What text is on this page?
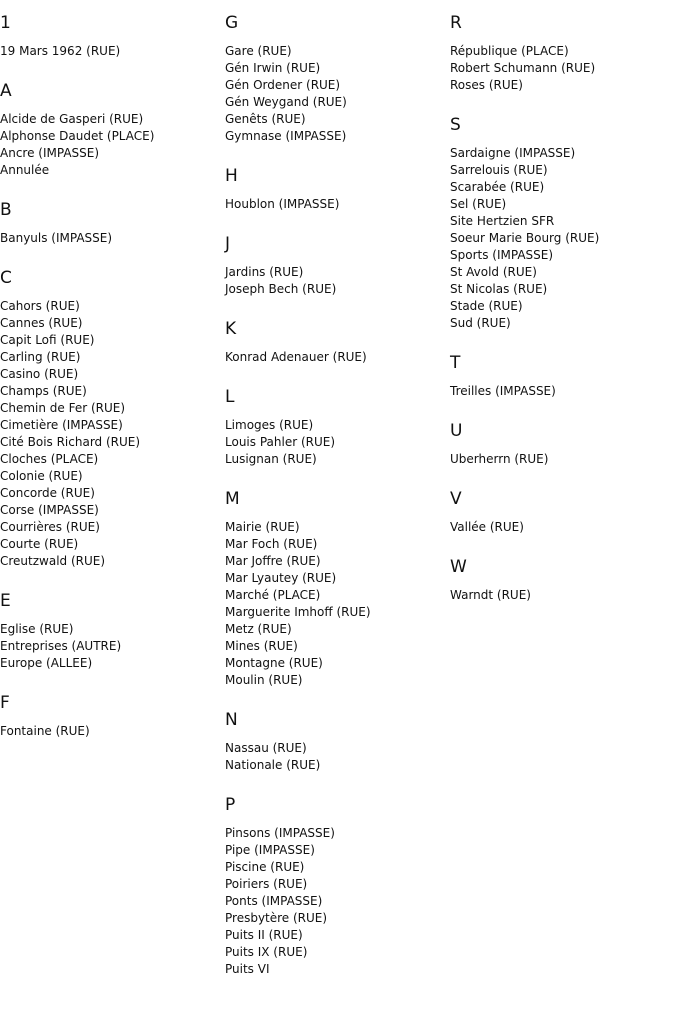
1
19 Mars 1962 (RUE)
A
Alcide de Gasperi (RUE)
Alphonse Daudet (PLACE)
Ancre (IMPASSE)
Annulée
B
Banyuls (IMPASSE)
C
Cahors (RUE)
Cannes (RUE)
Capit Lofi (RUE)
Carling (RUE)
Casino (RUE)
Champs (RUE)
Chemin de Fer (RUE)
Cimetière (IMPASSE)
Cité Bois Richard (RUE)
Cloches (PLACE)
Colonie (RUE)
Concorde (RUE)
Corse (IMPASSE)
Courrières (RUE)
Courte (RUE)
Creutzwald (RUE)
E
Eglise (RUE)
Entreprises (AUTRE)
Europe (ALLEE)
F
Fontaine (RUE)
G
Gare (RUE)
Gén Irwin (RUE)
Gén Ordener (RUE)
Gén Weygand (RUE)
Genêts (RUE)
Gymnase (IMPASSE)
H
Houblon (IMPASSE)
J
Jardins (RUE)
Joseph Bech (RUE)
K
Konrad Adenauer (RUE)
L
Limoges (RUE)
Louis Pahler (RUE)
Lusignan (RUE)
M
Mairie (RUE)
Mar Foch (RUE)
Mar Joffre (RUE)
Mar Lyautey (RUE)
Marché (PLACE)
Marguerite Imhoff (RUE)
Metz (RUE)
Mines (RUE)
Montagne (RUE)
Moulin (RUE)
N
Nassau (RUE)
Nationale (RUE)
P
Pinsons (IMPASSE)
Pipe (IMPASSE)
Piscine (RUE)
Poiriers (RUE)
Ponts (IMPASSE)
Presbytère (RUE)
Puits II (RUE)
Puits IX (RUE)
Puits VI
R
République (PLACE)
Robert Schumann (RUE)
Roses (RUE)
S
Sardaigne (IMPASSE)
Sarrelouis (RUE)
Scarabée (RUE)
Sel (RUE)
Site Hertzien SFR
Soeur Marie Bourg (RUE)
Sports (IMPASSE)
St Avold (RUE)
St Nicolas (RUE)
Stade (RUE)
Sud (RUE)
T
Treilles (IMPASSE)
U
Uberherrn (RUE)
V
Vallée (RUE)
W
Warndt (RUE)
